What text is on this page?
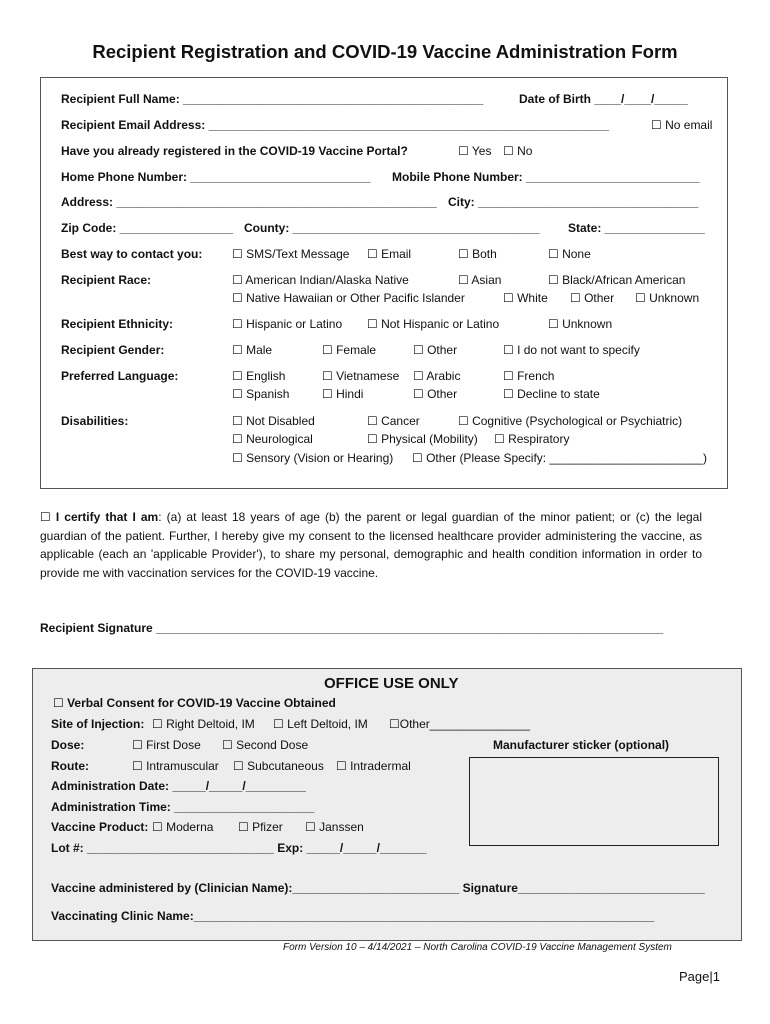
Recipient Registration and COVID-19 Vaccine Administration Form
Recipient Full Name: _____________________________________________	Date of Birth ____/____/_____
Recipient Email Address: ____________________________________________________________	☐ No email
Have you already registered in the COVID-19 Vaccine Portal?	☐ Yes ☐ No
Home Phone Number: ___________________________ Mobile Phone Number: __________________________
Address: ________________________________________________ City: _________________________________
Zip Code: _________________ County: _____________________________________ State: _______________
Best way to contact you: ☐ SMS/Text Message ☐ Email	☐ Both	☐ None
Recipient Race:	☐ American Indian/Alaska Native	☐ Asian	☐ Black/African American
☐ Native Hawaiian or Other Pacific Islander	☐ White ☐ Other ☐ Unknown
Recipient Ethnicity:	☐ Hispanic or Latino ☐ Not Hispanic or Latino	☐ Unknown
Recipient Gender:	☐ Male	☐ Female	☐ Other	☐ I do not want to specify
Preferred Language:	☐ English	☐ Vietnamese ☐ Arabic	☐ French
☐ Spanish	☐ Hindi	☐ Other	☐ Decline to state
Disabilities:	☐ Not Disabled	☐ Cancer	☐ Cognitive (Psychological or Psychiatric)
☐ Neurological	☐ Physical (Mobility) ☐ Respiratory
☐ Sensory (Vision or Hearing) ☐ Other (Please Specify: _______________________)
☐ I certify that I am: (a) at least 18 years of age (b) the parent or legal guardian of the minor patient; or (c) the legal guardian of the patient. Further, I hereby give my consent to the licensed healthcare provider administering the vaccine, as applicable (each an 'applicable Provider'), to share my personal, demographic and health condition information in order to provide me with vaccination services for the COVID-19 vaccine.
Recipient Signature ____________________________________________________________________________
OFFICE USE ONLY
☐ Verbal Consent for COVID-19 Vaccine Obtained
Site of Injection: ☐ Right Deltoid, IM ☐ Left Deltoid, IM ☐Other_______________
Dose:	☐ First Dose ☐ Second Dose	Manufacturer sticker (optional)
Route:	☐ Intramuscular ☐ Subcutaneous ☐ Intradermal
Administration Date: _____/_____/_________
Administration Time: _____________________
Vaccine Product: ☐ Moderna ☐ Pfizer ☐ Janssen
Lot #: ____________________________ Exp: _____/_____/_______
Vaccine administered by (Clinician Name):_________________________ Signature____________________________
Vaccinating Clinic Name:_____________________________________________________________________
Form Version 10 – 4/14/2021 – North Carolina COVID-19 Vaccine Management System
Page|1
